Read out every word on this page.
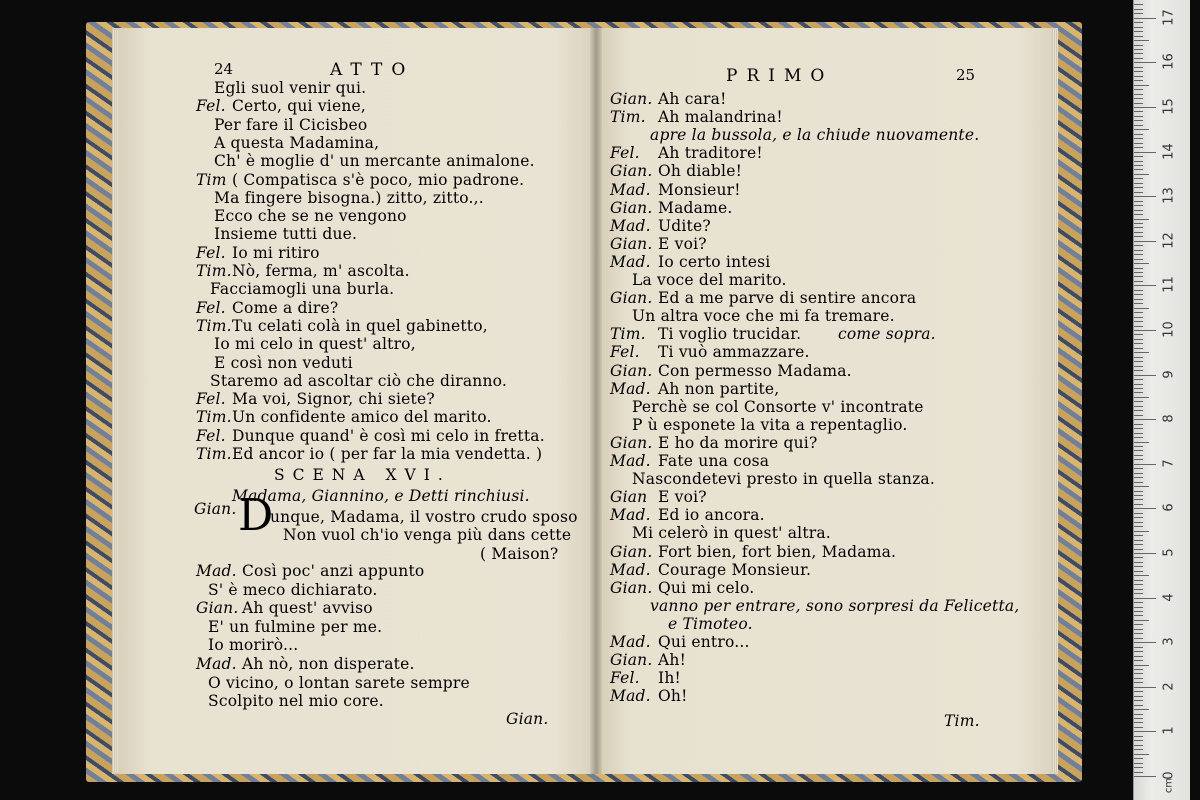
24	ATTO
Egli suol venir qui.
Fel. Certo, qui viene,
Per fare il Cicisbeo
A questa Madamina,
Ch' è moglie d' un mercante animalone.
Tim ( Compatisca s'è poco, mio padrone.
Ma fingere bisogna.) zitto, zitto.,.
Ecco che se ne vengono
Insieme tutti due.
Fel. Io mi ritiro
Tim. Nò, ferma, m' ascolta.
Facciamogli una burla.
Fel. Come a dire?
Tim. Tu celati colà in quel gabinetto,
Io mi celo in quest' altro,
E così non veduti
Staremo ad ascoltar ciò che diranno.
Fel. Ma voi, Signor, chi siete?
Tim. Un confidente amico del marito.
Fel. Dunque quand' è così mi celo in fretta.
Tim. Ed ancor io ( per far la mia vendetta. )
SCENA XVI.
Madama, Giannino, e Detti rinchiusi.
Gian. D
unque, Madama, il vostro crudo sposo
Non vuol ch'io venga più dans cette
( Maison?
Mad. Così poc' anzi appunto
S' è meco dichiarato.
Gian. Ah quest' avviso
E' un fulmine per me.
Io morirò...
Mad. Ah nò, non disperate.
O vicino, o lontan sarete sempre
Scolpito nel mio core.
Gian.
PRIMO	25
Gian. Ah cara!
Tim. Ah malandrina!
apre la bussola, e la chiude nuovamente.
Fel. Ah traditore!
Gian. Oh diable!
Mad. Monsieur!
Gian. Madame.
Mad. Udite?
Gian. E voi?
Mad. Io certo intesi
La voce del marito.
Gian. Ed a me parve di sentire ancora
Un altra voce che mi fa tremare.
Tim. Ti voglio trucidar. come sopra.
Fel. Ti vuò ammazzare.
Gian. Con permesso Madama.
Mad. Ah non partite,
Perchè se col Consorte v' incontrate
P ù esponete la vita a repentaglio.
Gian. E ho da morire qui?
Mad. Fate una cosa
Nascondetevi presto in quella stanza.
Gian E voi?
Mad. Ed io ancora.
Mi celerò in quest' altra.
Gian. Fort bien, fort bien, Madama.
Mad. Courage Monsieur.
Gian. Qui mi celo.
vanno per entrare, sono sorpresi da Felicetta,
e Timoteo.
Mad. Qui entro...
Gian. Ah!
Fel. Ih!
Mad. Oh!
Tim.
17
16
15
14
13
12
11
10
9
8
7
6
5
4
3
2
1
0
cm
